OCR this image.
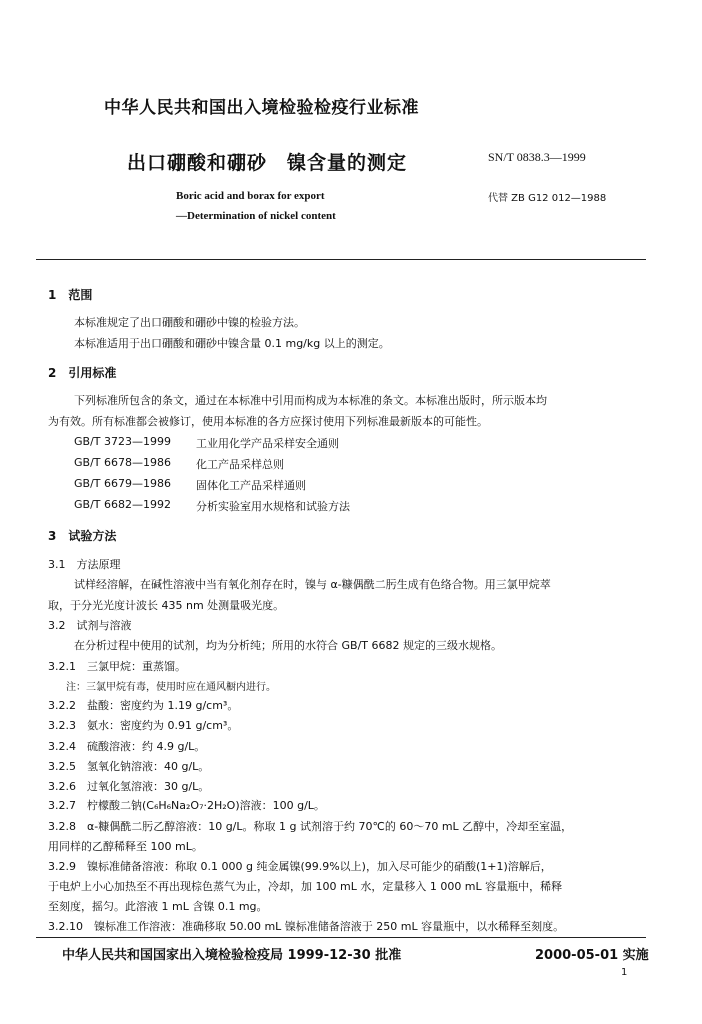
中华人民共和国出入境检验检疫行业标准
出口硼酸和硼砂　镍含量的测定	SN/T 0838.3—1999
代替 ZB G12 012—1988
Boric acid and borax for export
—Determination of nickel content
1　范围
本标准规定了出口硼酸和硼砂中镍的检验方法。
本标准适用于出口硼酸和硼砂中镍含量 0.1 mg/kg 以上的测定。
2　引用标准
下列标准所包含的条文，通过在本标准中引用而构成为本标准的条文。本标准出版时，所示版本均
为有效。所有标准都会被修订，使用本标准的各方应探讨使用下列标准最新版本的可能性。
GB/T 3723—1999 工业用化学产品采样安全通则
GB/T 6678—1986 化工产品采样总则
GB/T 6679—1986 固体化工产品采样通则
GB/T 6682—1992 分析实验室用水规格和试验方法
3　试验方法
3.1　方法原理
试样经溶解，在碱性溶液中当有氧化剂存在时，镍与 α-糠偶酰二肟生成有色络合物。用三氯甲烷萃
取，于分光光度计波长 435 nm 处测量吸光度。
3.2　试剂与溶液
在分析过程中使用的试剂，均为分析纯；所用的水符合 GB/T 6682 规定的三级水规格。
3.2.1　三氯甲烷：重蒸馏。
注：三氯甲烷有毒，使用时应在通风橱内进行。
3.2.2　盐酸：密度约为 1.19 g/cm³。
3.2.3　氨水：密度约为 0.91 g/cm³。
3.2.4　硫酸溶液：约 4.9 g/L。
3.2.5　氢氧化钠溶液：40 g/L。
3.2.6　过氧化氢溶液：30 g/L。
3.2.7　柠檬酸二钠(C₆H₆Na₂O₇·2H₂O)溶液：100 g/L。
3.2.8　α-糠偶酰二肟乙醇溶液：10 g/L。称取 1 g 试剂溶于约 70℃的 60～70 mL 乙醇中，冷却至室温，
用同样的乙醇稀释至 100 mL。
3.2.9　镍标准储备溶液：称取 0.1 000 g 纯金属镍(99.9%以上)，加入尽可能少的硝酸(1+1)溶解后，
于电炉上小心加热至不再出现棕色蒸气为止，冷却，加 100 mL 水，定量移入 1 000 mL 容量瓶中，稀释
至刻度，摇匀。此溶液 1 mL 含镍 0.1 mg。
3.2.10　镍标准工作溶液：准确移取 50.00 mL 镍标准储备溶液于 250 mL 容量瓶中，以水稀释至刻度。
中华人民共和国国家出入境检验检疫局 1999-12-30 批准	2000-05-01 实施
1
